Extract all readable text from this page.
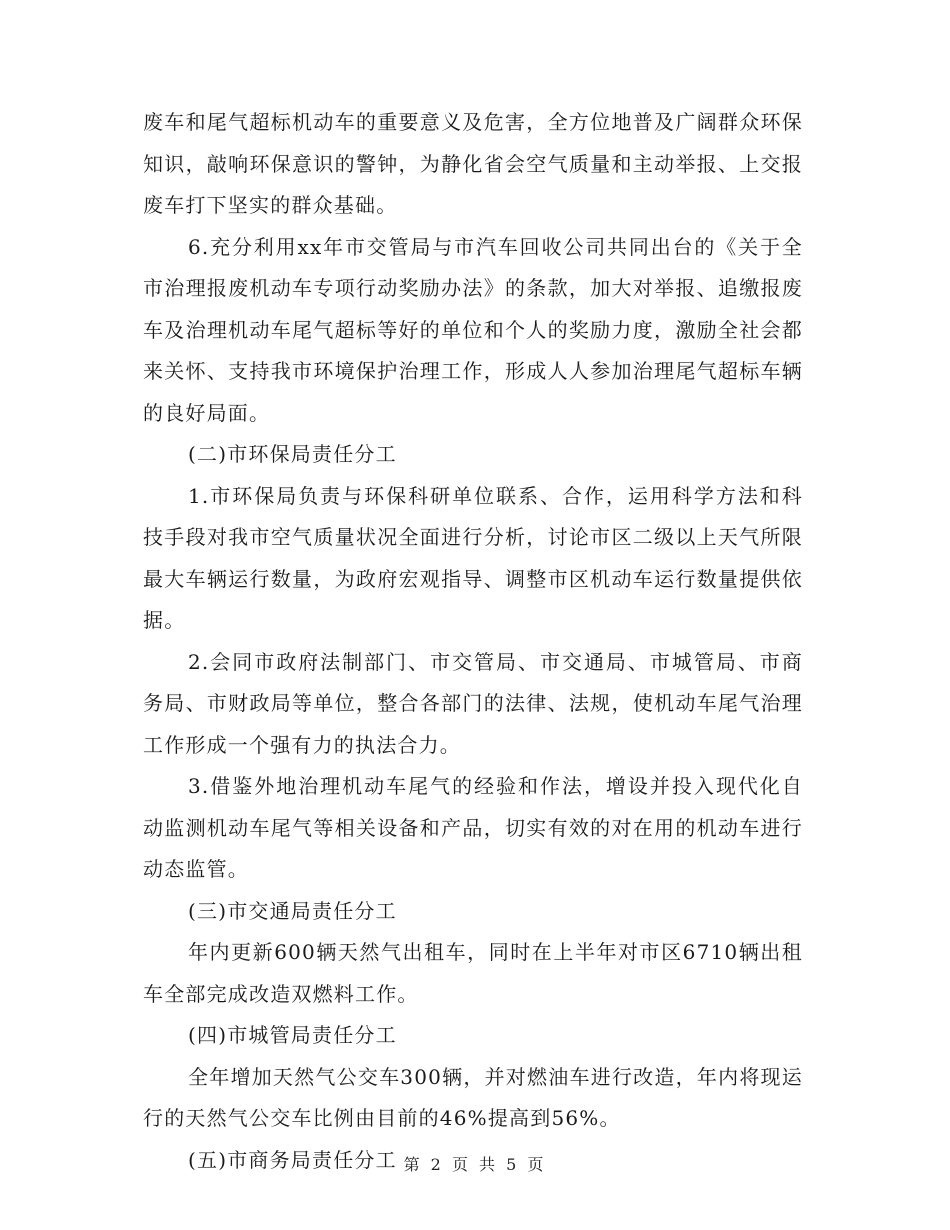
废车和尾气超标机动车的重要意义及危害，全方位地普及广阔群众环保知识，敲响环保意识的警钟，为静化省会空气质量和主动举报、上交报废车打下坚实的群众基础。

6.充分利用xx年市交管局与市汽车回收公司共同出台的《关于全市治理报废机动车专项行动奖励办法》的条款，加大对举报、追缴报废车及治理机动车尾气超标等好的单位和个人的奖励力度，激励全社会都来关怀、支持我市环境保护治理工作，形成人人参加治理尾气超标车辆的良好局面。

(二)市环保局责任分工

1.市环保局负责与环保科研单位联系、合作，运用科学方法和科技手段对我市空气质量状况全面进行分析，讨论市区二级以上天气所限最大车辆运行数量，为政府宏观指导、调整市区机动车运行数量提供依据。

2.会同市政府法制部门、市交管局、市交通局、市城管局、市商务局、市财政局等单位，整合各部门的法律、法规，使机动车尾气治理工作形成一个强有力的执法合力。

3.借鉴外地治理机动车尾气的经验和作法，增设并投入现代化自动监测机动车尾气等相关设备和产品，切实有效的对在用的机动车进行动态监管。

(三)市交通局责任分工

年内更新600辆天然气出租车，同时在上半年对市区6710辆出租车全部完成改造双燃料工作。

(四)市城管局责任分工

全年增加天然气公交车300辆，并对燃油车进行改造，年内将现运行的天然气公交车比例由目前的46%提高到56%。

(五)市商务局责任分工 第 2 页 共 5 页
